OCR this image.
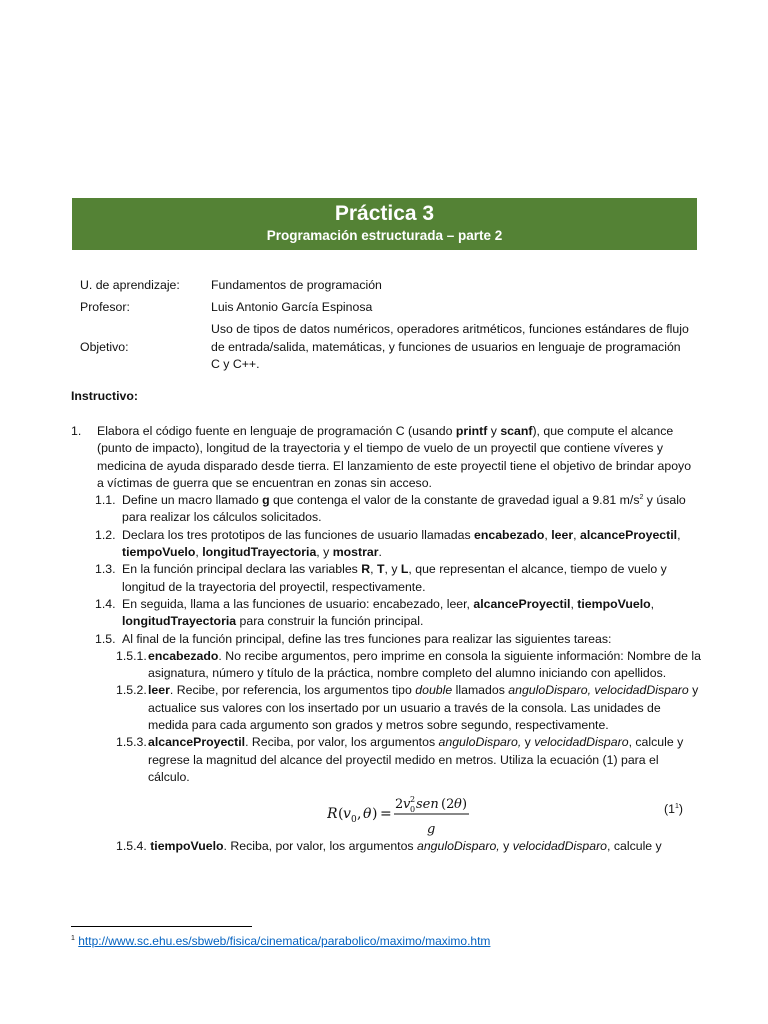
Práctica 3
Programación estructurada – parte 2
U. de aprendizaje:	Fundamentos de programación
Profesor:	Luis Antonio García Espinosa
Objetivo:
Uso de tipos de datos numéricos, operadores aritméticos, funciones estándares de flujo de entrada/salida, matemáticas, y funciones de usuarios en lenguaje de programación C y C++.
Instructivo:
1.	Elabora el código fuente en lenguaje de programación C (usando printf y scanf), que compute el alcance (punto de impacto), longitud de la trayectoria y el tiempo de vuelo de un proyectil que contiene víveres y medicina de ayuda disparado desde tierra. El lanzamiento de este proyectil tiene el objetivo de brindar apoyo a víctimas de guerra que se encuentran en zonas sin acceso.
1.1. Define un macro llamado g que contenga el valor de la constante de gravedad igual a 9.81 $m/s^2$ y úsalo para realizar los cálculos solicitados.
1.2. Declara los tres prototipos de las funciones de usuario llamadas encabezado, leer, alcanceProyectil, tiempoVuelo, longitudTrayectoria, y mostrar.
1.3. En la función principal declara las variables R, T, y L, que representan el alcance, tiempo de vuelo y longitud de la trayectoria del proyectil, respectivamente.
1.4. En seguida, llama a las funciones de usuario: encabezado, leer, alcanceProyectil, tiempoVuelo, longitudTrayectoria para construir la función principal.
1.5. Al final de la función principal, define las tres funciones para realizar las siguientes tareas:
1.5.1. encabezado. No recibe argumentos, pero imprime en consola la siguiente información: Nombre de la asignatura, número y título de la práctica, nombre completo del alumno iniciando con apellidos.
1.5.2. leer. Recibe, por referencia, los argumentos tipo double llamados anguloDisparo, velocidadDisparo y actualice sus valores con los insertado por un usuario a través de la consola. Las unidades de medida para cada argumento son grados y metros sobre segundo, respectivamente.
1.5.3. alcanceProyectil. Reciba, por valor, los argumentos anguloDisparo, y velocidadDisparo, calcule y regrese la magnitud del alcance del proyectil medido en metros. Utiliza la ecuación (1) para el cálculo.
R ( v 0 , θ ) =
2 v 2
0 sen (2 θ )
g
$(1^1)$
1.5.4. tiempoVuelo. Reciba, por valor, los argumentos anguloDisparo, y velocidadDisparo, calcule y
$^1$ http://www.sc.ehu.es/sbweb/fisica/cinematica/parabolico/maximo/maximo.htm
